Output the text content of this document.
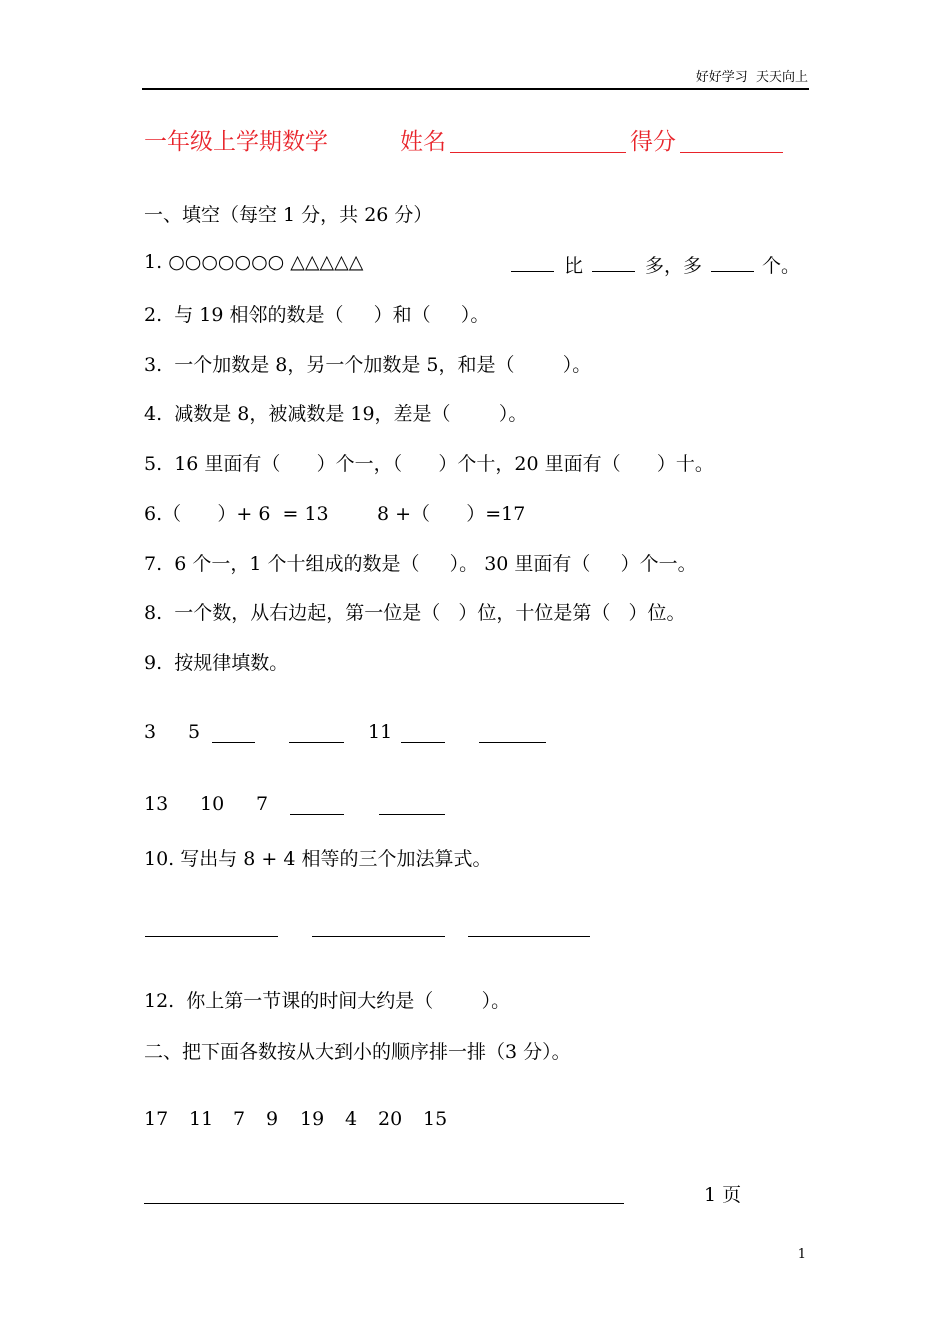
好好学习  天天向上
一年级上学期数学	姓名	得分
一、填空（每空 1 分，共 26 分）
1. ○○○○○○○ △△△△△	比	多，多	个。
2.  与 19 相邻的数是（     ）和（     ）。
3.  一个加数是 8，另一个加数是 5，和是（        ）。
4.  减数是 8，被减数是 19，差是（        ）。
5.  16 里面有（      ）个一，（      ）个十，20 里面有（      ）十。
6.（      ）+ 6  = 13        8 +（      ）=17
7.  6 个一，1 个十组成的数是（     ）。 30 里面有（     ）个一。
8.  一个数，从右边起，第一位是（   ）位，十位是第（   ）位。
9.  按规律填数。
3 5	11
13 10 7
10. 写出与 8 + 4 相等的三个加法算式。
12.  你上第一节课的时间大约是（        ）。
二、把下面各数按从大到小的顺序排一排（3 分）。
17 11 7 9 19 4 20 15
1 页
1
